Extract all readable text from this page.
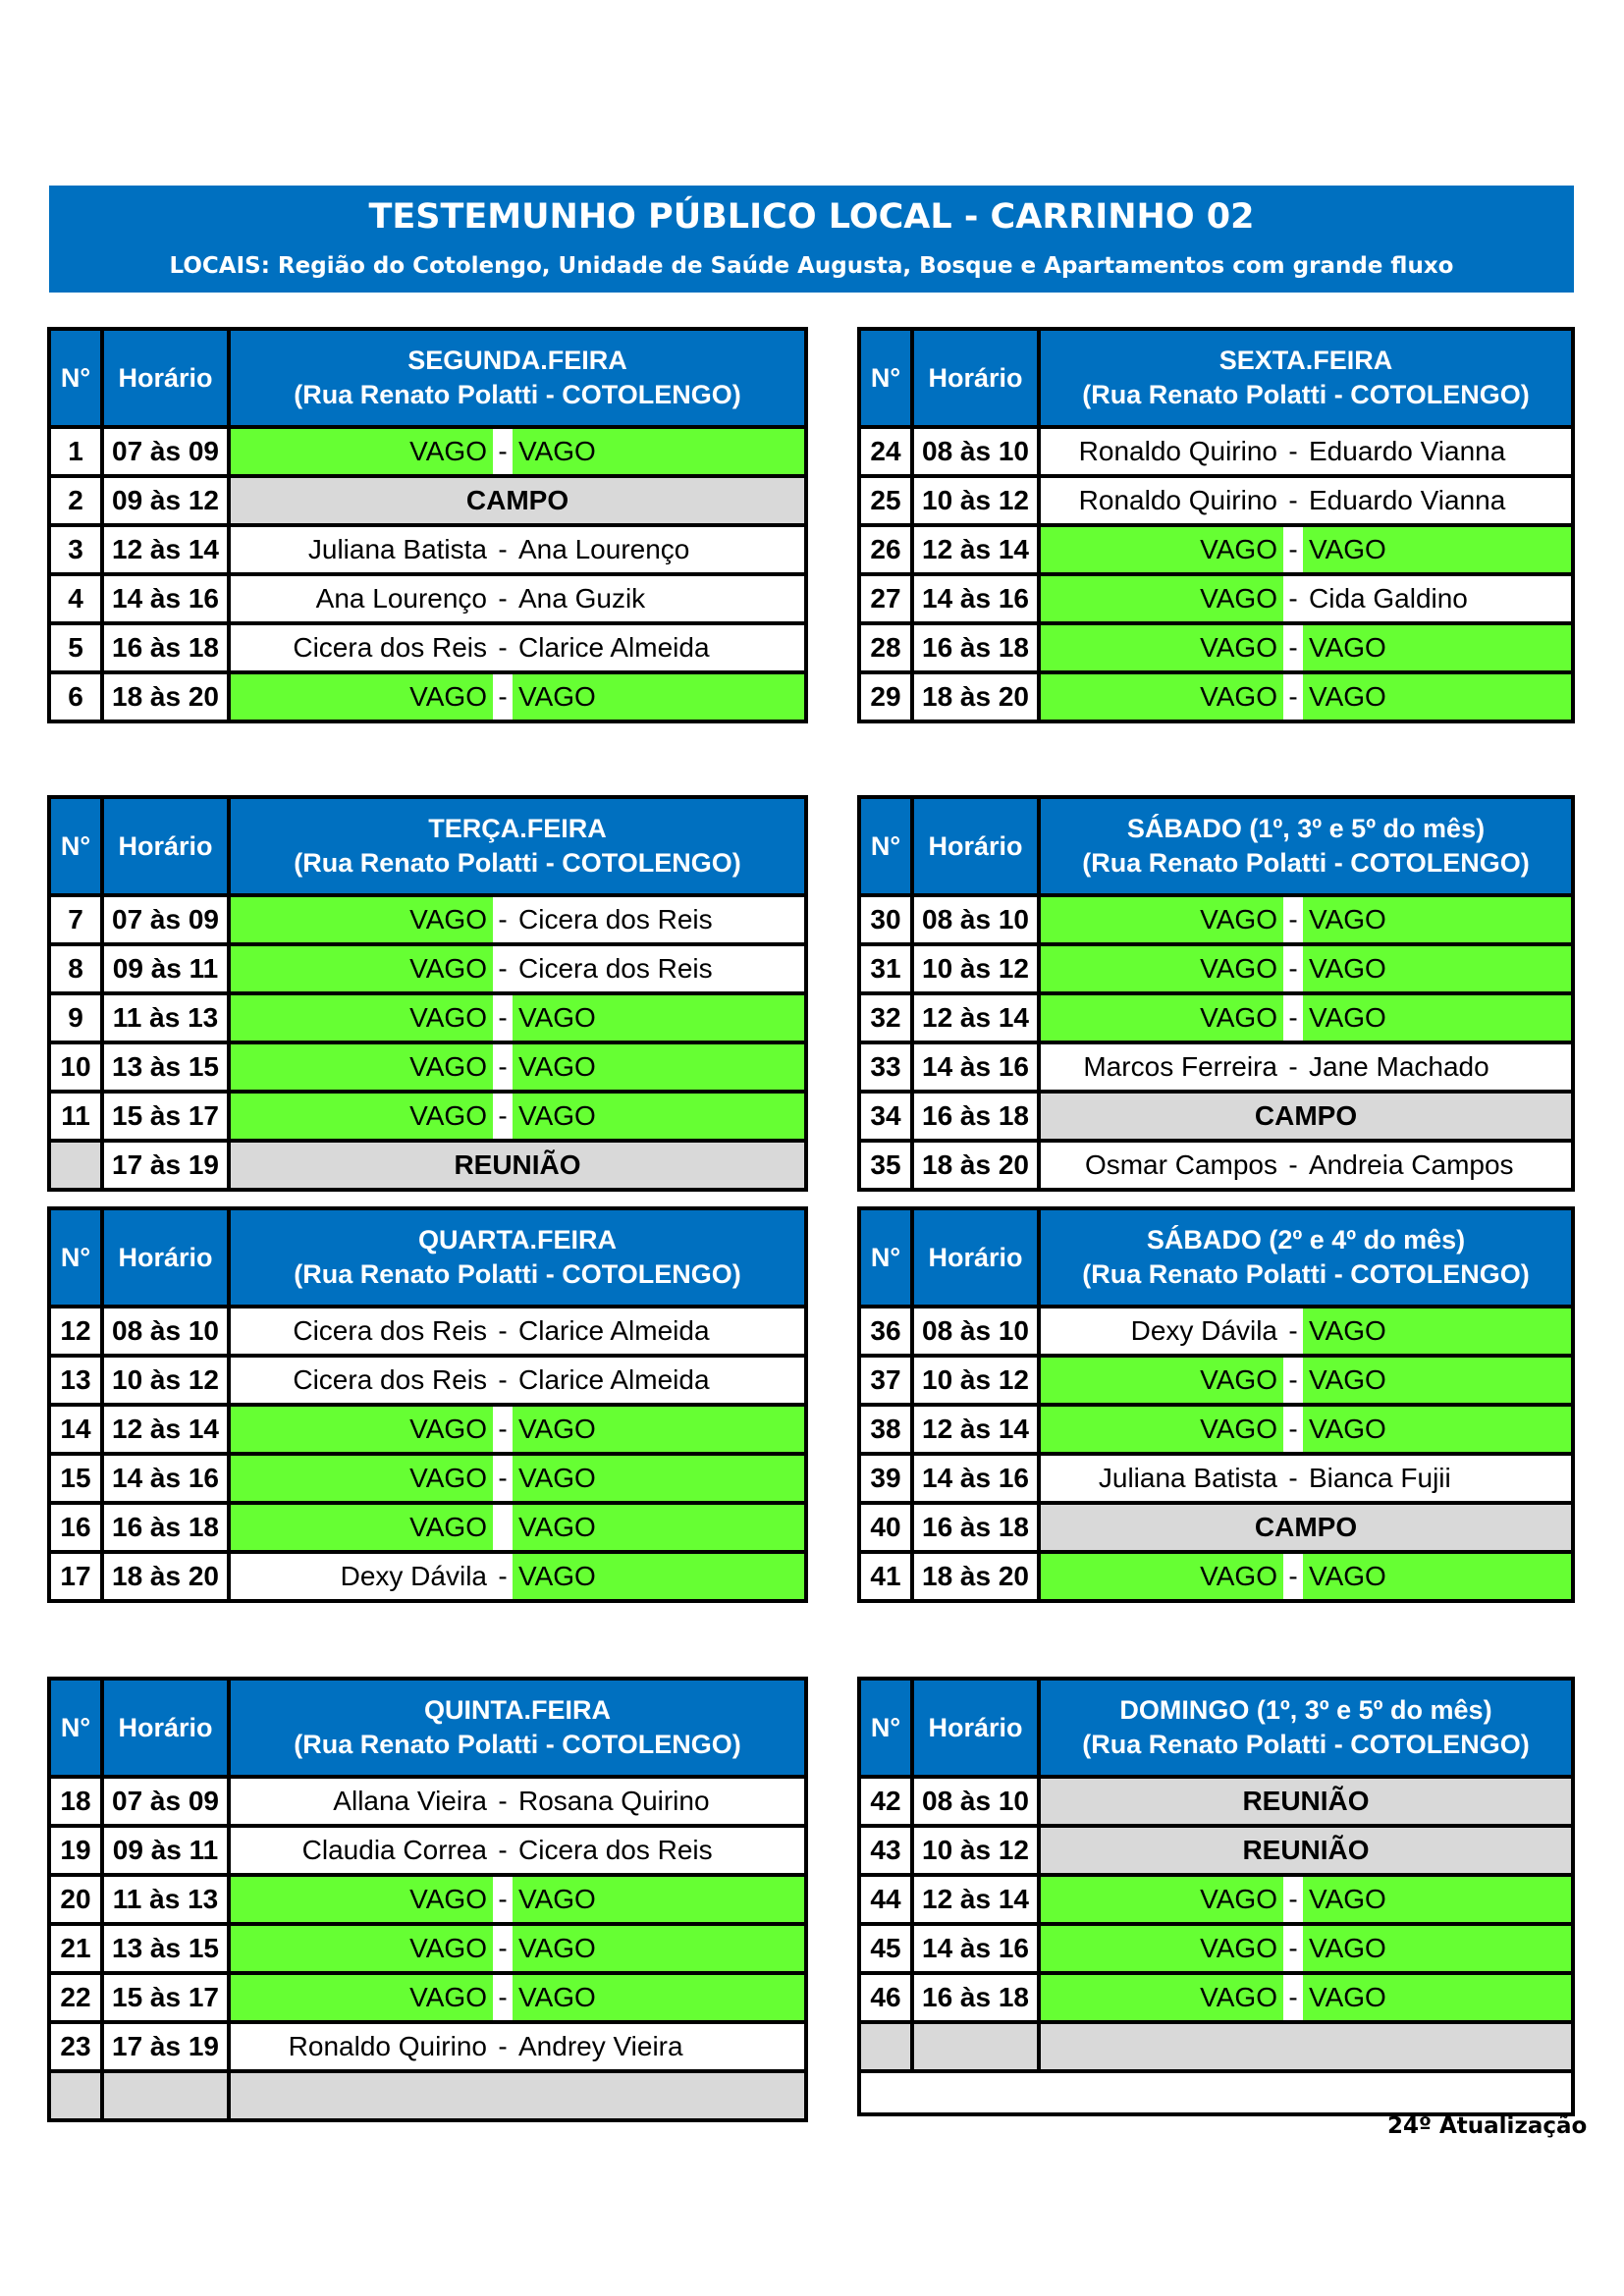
TESTEMUNHO PÚBLICO LOCAL - CARRINHO 02
LOCAIS: Região do Cotolengo, Unidade de Saúde Augusta, Bosque e Apartamentos com grande fluxo
N°	Horário
SEGUNDA.FEIRA
(Rua Renato Polatti - COTOLENGO)
1	07 às 09	VAGO - VAGO
2	09 às 12	CAMPO
3	12 às 14	Juliana Batista - Ana Lourenço
4	14 às 16	Ana Lourenço - Ana Guzik
5	16 às 18	Cicera dos Reis - Clarice Almeida
6	18 às 20	VAGO - VAGO
N°	Horário
SEXTA.FEIRA
(Rua Renato Polatti - COTOLENGO)
24 08 às 10	Ronaldo Quirino - Eduardo Vianna
25 10 às 12	Ronaldo Quirino - Eduardo Vianna
26 12 às 14	VAGO - VAGO
27 14 às 16	VAGO - Cida Galdino
28 16 às 18	VAGO - VAGO
29 18 às 20	VAGO - VAGO
N°	Horário
TERÇA.FEIRA
(Rua Renato Polatti - COTOLENGO)
7	07 às 09	VAGO - Cicera dos Reis
8	09 às 11	VAGO - Cicera dos Reis
9	11 às 13	VAGO - VAGO
10 13 às 15	VAGO - VAGO
11 15 às 17	VAGO - VAGO
17 às 19	REUNIÃO
N°	Horário
SÁBADO (1º, 3º e 5º do mês)
(Rua Renato Polatti - COTOLENGO)
30 08 às 10	VAGO - VAGO
31 10 às 12	VAGO - VAGO
32 12 às 14	VAGO - VAGO
33 14 às 16	Marcos Ferreira - Jane Machado
34 16 às 18	CAMPO
35 18 às 20	Osmar Campos - Andreia Campos
N°	Horário
QUARTA.FEIRA
(Rua Renato Polatti - COTOLENGO)
12 08 às 10	Cicera dos Reis - Clarice Almeida
13 10 às 12	Cicera dos Reis - Clarice Almeida
14 12 às 14	VAGO - VAGO
15 14 às 16	VAGO - VAGO
16 16 às 18	VAGO VAGO
17 18 às 20	Dexy Dávila - VAGO
N°	Horário
SÁBADO (2º e 4º do mês)
(Rua Renato Polatti - COTOLENGO)
36 08 às 10	Dexy Dávila - VAGO
37 10 às 12	VAGO - VAGO
38 12 às 14	VAGO - VAGO
39 14 às 16	Juliana Batista - Bianca Fujii
40 16 às 18	CAMPO
41 18 às 20	VAGO - VAGO
N°	Horário
QUINTA.FEIRA
(Rua Renato Polatti - COTOLENGO)
18 07 às 09	Allana Vieira - Rosana Quirino
19 09 às 11	Claudia Correa - Cicera dos Reis
20 11 às 13	VAGO - VAGO
21 13 às 15	VAGO - VAGO
22 15 às 17	VAGO - VAGO
23 17 às 19	Ronaldo Quirino - Andrey Vieira
N°	Horário
DOMINGO (1º, 3º e 5º do mês)
(Rua Renato Polatti - COTOLENGO)
42 08 às 10	REUNIÃO
43 10 às 12	REUNIÃO
44 12 às 14	VAGO - VAGO
45 14 às 16	VAGO - VAGO
46 16 às 18	VAGO - VAGO
24º Atualização
